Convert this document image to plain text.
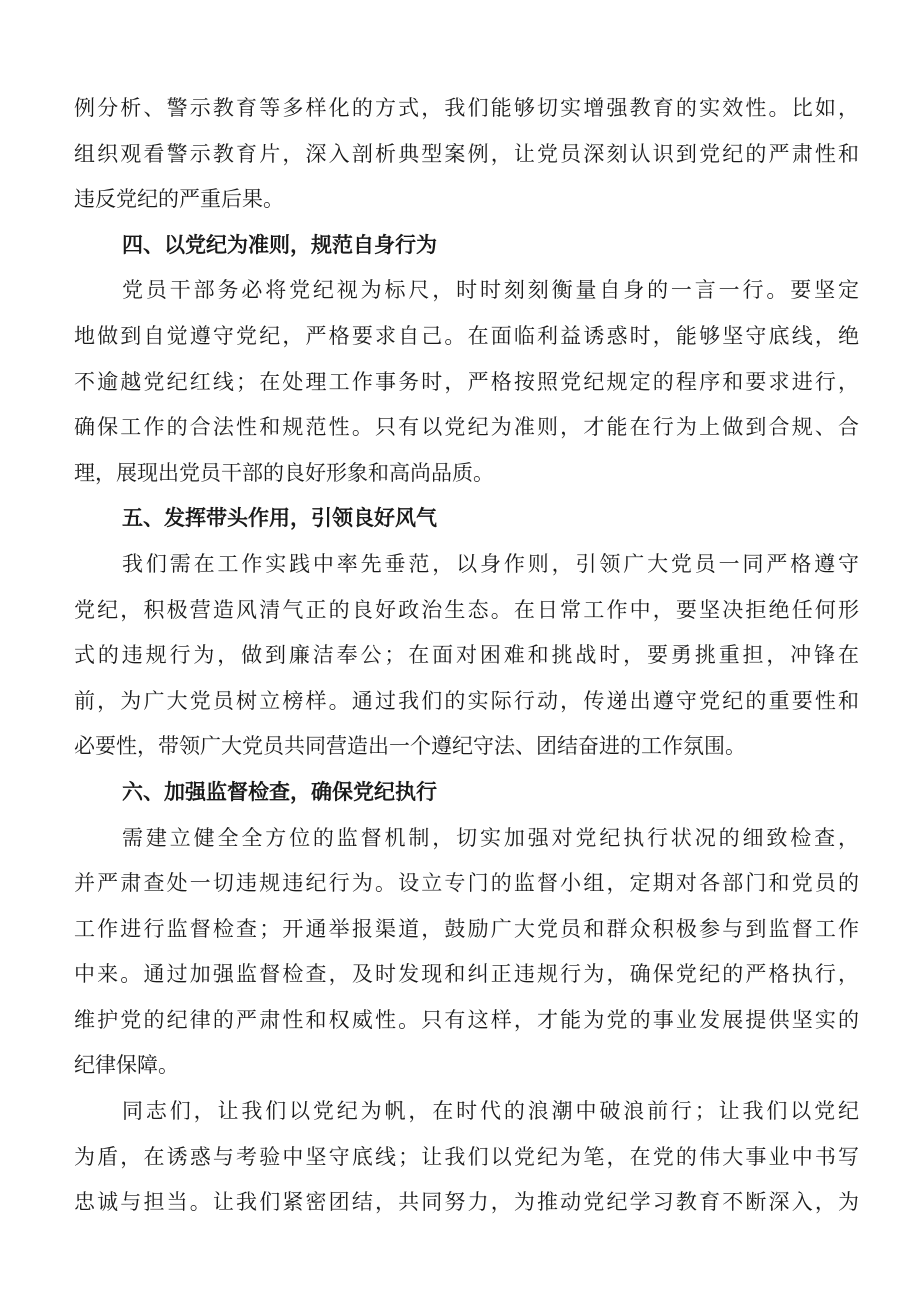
例分析、警示教育等多样化的方式，我们能够切实增强教育的实效性。比如，
组织观看警示教育片，深入剖析典型案例，让党员深刻认识到党纪的严肃性和
违反党纪的严重后果。
四、以党纪为准则，规范自身行为
党员干部务必将党纪视为标尺，时时刻刻衡量自身的一言一行。要坚定
地做到自觉遵守党纪，严格要求自己。在面临利益诱惑时，能够坚守底线，绝
不逾越党纪红线；在处理工作事务时，严格按照党纪规定的程序和要求进行，
确保工作的合法性和规范性。只有以党纪为准则，才能在行为上做到合规、合
理，展现出党员干部的良好形象和高尚品质。
五、发挥带头作用，引领良好风气
我们需在工作实践中率先垂范，以身作则，引领广大党员一同严格遵守
党纪，积极营造风清气正的良好政治生态。在日常工作中，要坚决拒绝任何形
式的违规行为，做到廉洁奉公；在面对困难和挑战时，要勇挑重担，冲锋在
前，为广大党员树立榜样。通过我们的实际行动，传递出遵守党纪的重要性和
必要性，带领广大党员共同营造出一个遵纪守法、团结奋进的工作氛围。
六、加强监督检查，确保党纪执行
需建立健全全方位的监督机制，切实加强对党纪执行状况的细致检查，
并严肃查处一切违规违纪行为。设立专门的监督小组，定期对各部门和党员的
工作进行监督检查；开通举报渠道，鼓励广大党员和群众积极参与到监督工作
中来。通过加强监督检查，及时发现和纠正违规行为，确保党纪的严格执行，
维护党的纪律的严肃性和权威性。只有这样，才能为党的事业发展提供坚实的
纪律保障。
同志们，让我们以党纪为帆，在时代的浪潮中破浪前行；让我们以党纪
为盾，在诱惑与考验中坚守底线；让我们以党纪为笔，在党的伟大事业中书写
忠诚与担当。让我们紧密团结，共同努力，为推动党纪学习教育不断深入，为
